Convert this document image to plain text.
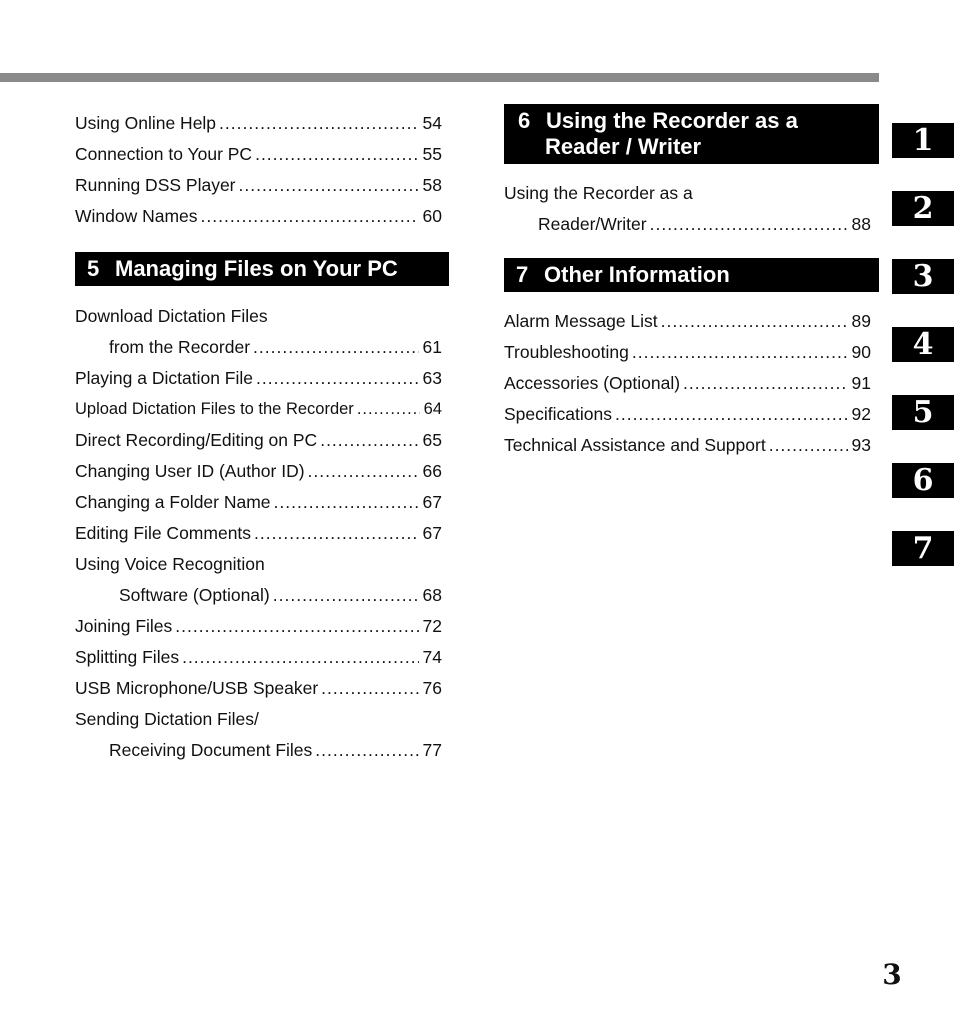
Using Online Help .....	54
Connection to Your PC .....	55
Running DSS Player .....	58
Window Names .....	60
5 Managing Files on Your PC
Download Dictation Files
from the Recorder .....	61
Playing a Dictation File .....	63
Upload Dictation Files to the Recorder .....	64
Direct Recording/Editing on PC .....	65
Changing User ID (Author ID) .....	66
Changing a Folder Name .....	67
Editing File Comments .....	67
Using Voice Recognition
Software (Optional) .....	68
Joining Files .....	72
Splitting Files .....	74
USB Microphone/USB Speaker .....	76
Sending Dictation Files/
Receiving Document Files .....	77
6 Using the Recorder as a
Reader / Writer
Using the Recorder as a
Reader/Writer .....	88
7 Other Information
Alarm Message List .....	89
Troubleshooting .....	90
Accessories (Optional) .....	91
Specifications .....	92
Technical Assistance and Support .....	93
1
2
3
4
5
6
7
3
